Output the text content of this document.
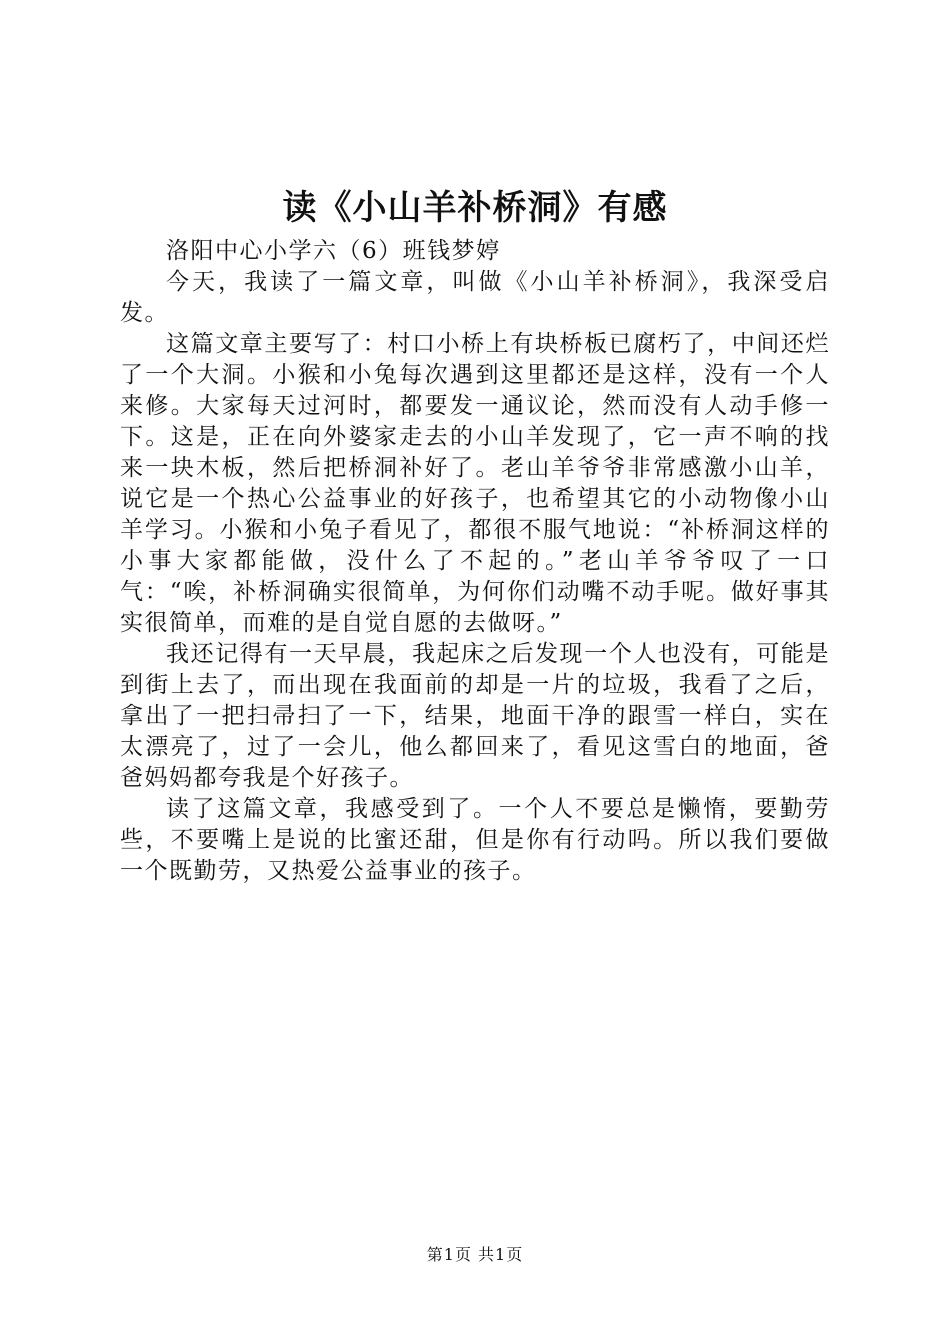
读《小山羊补桥洞》有感

洛阳中心小学六（6）班钱梦婷

今天，我读了一篇文章，叫做《小山羊补桥洞》，我深受启发。

这篇文章主要写了：村口小桥上有块桥板已腐朽了，中间还烂了一个大洞。小猴和小兔每次遇到这里都还是这样，没有一个人来修。大家每天过河时，都要发一通议论，然而没有人动手修一下。这是，正在向外婆家走去的小山羊发现了，它一声不响的找来一块木板，然后把桥洞补好了。老山羊爷爷非常感激小山羊，说它是一个热心公益事业的好孩子，也希望其它的小动物像小山羊学习。小猴和小兔子看见了，都很不服气地说：“补桥洞这样的小事大家都能做，没什么了不起的。”老山羊爷爷叹了一口气：“唉，补桥洞确实很简单，为何你们动嘴不动手呢。做好事其实很简单，而难的是自觉自愿的去做呀。”

我还记得有一天早晨，我起床之后发现一个人也没有，可能是到街上去了，而出现在我面前的却是一片的垃圾，我看了之后，拿出了一把扫帚扫了一下，结果，地面干净的跟雪一样白，实在太漂亮了，过了一会儿，他么都回来了，看见这雪白的地面，爸爸妈妈都夸我是个好孩子。

读了这篇文章，我感受到了。一个人不要总是懒惰，要勤劳些，不要嘴上是说的比蜜还甜，但是你有行动吗。所以我们要做一个既勤劳，又热爱公益事业的孩子。

第1页 共1页
